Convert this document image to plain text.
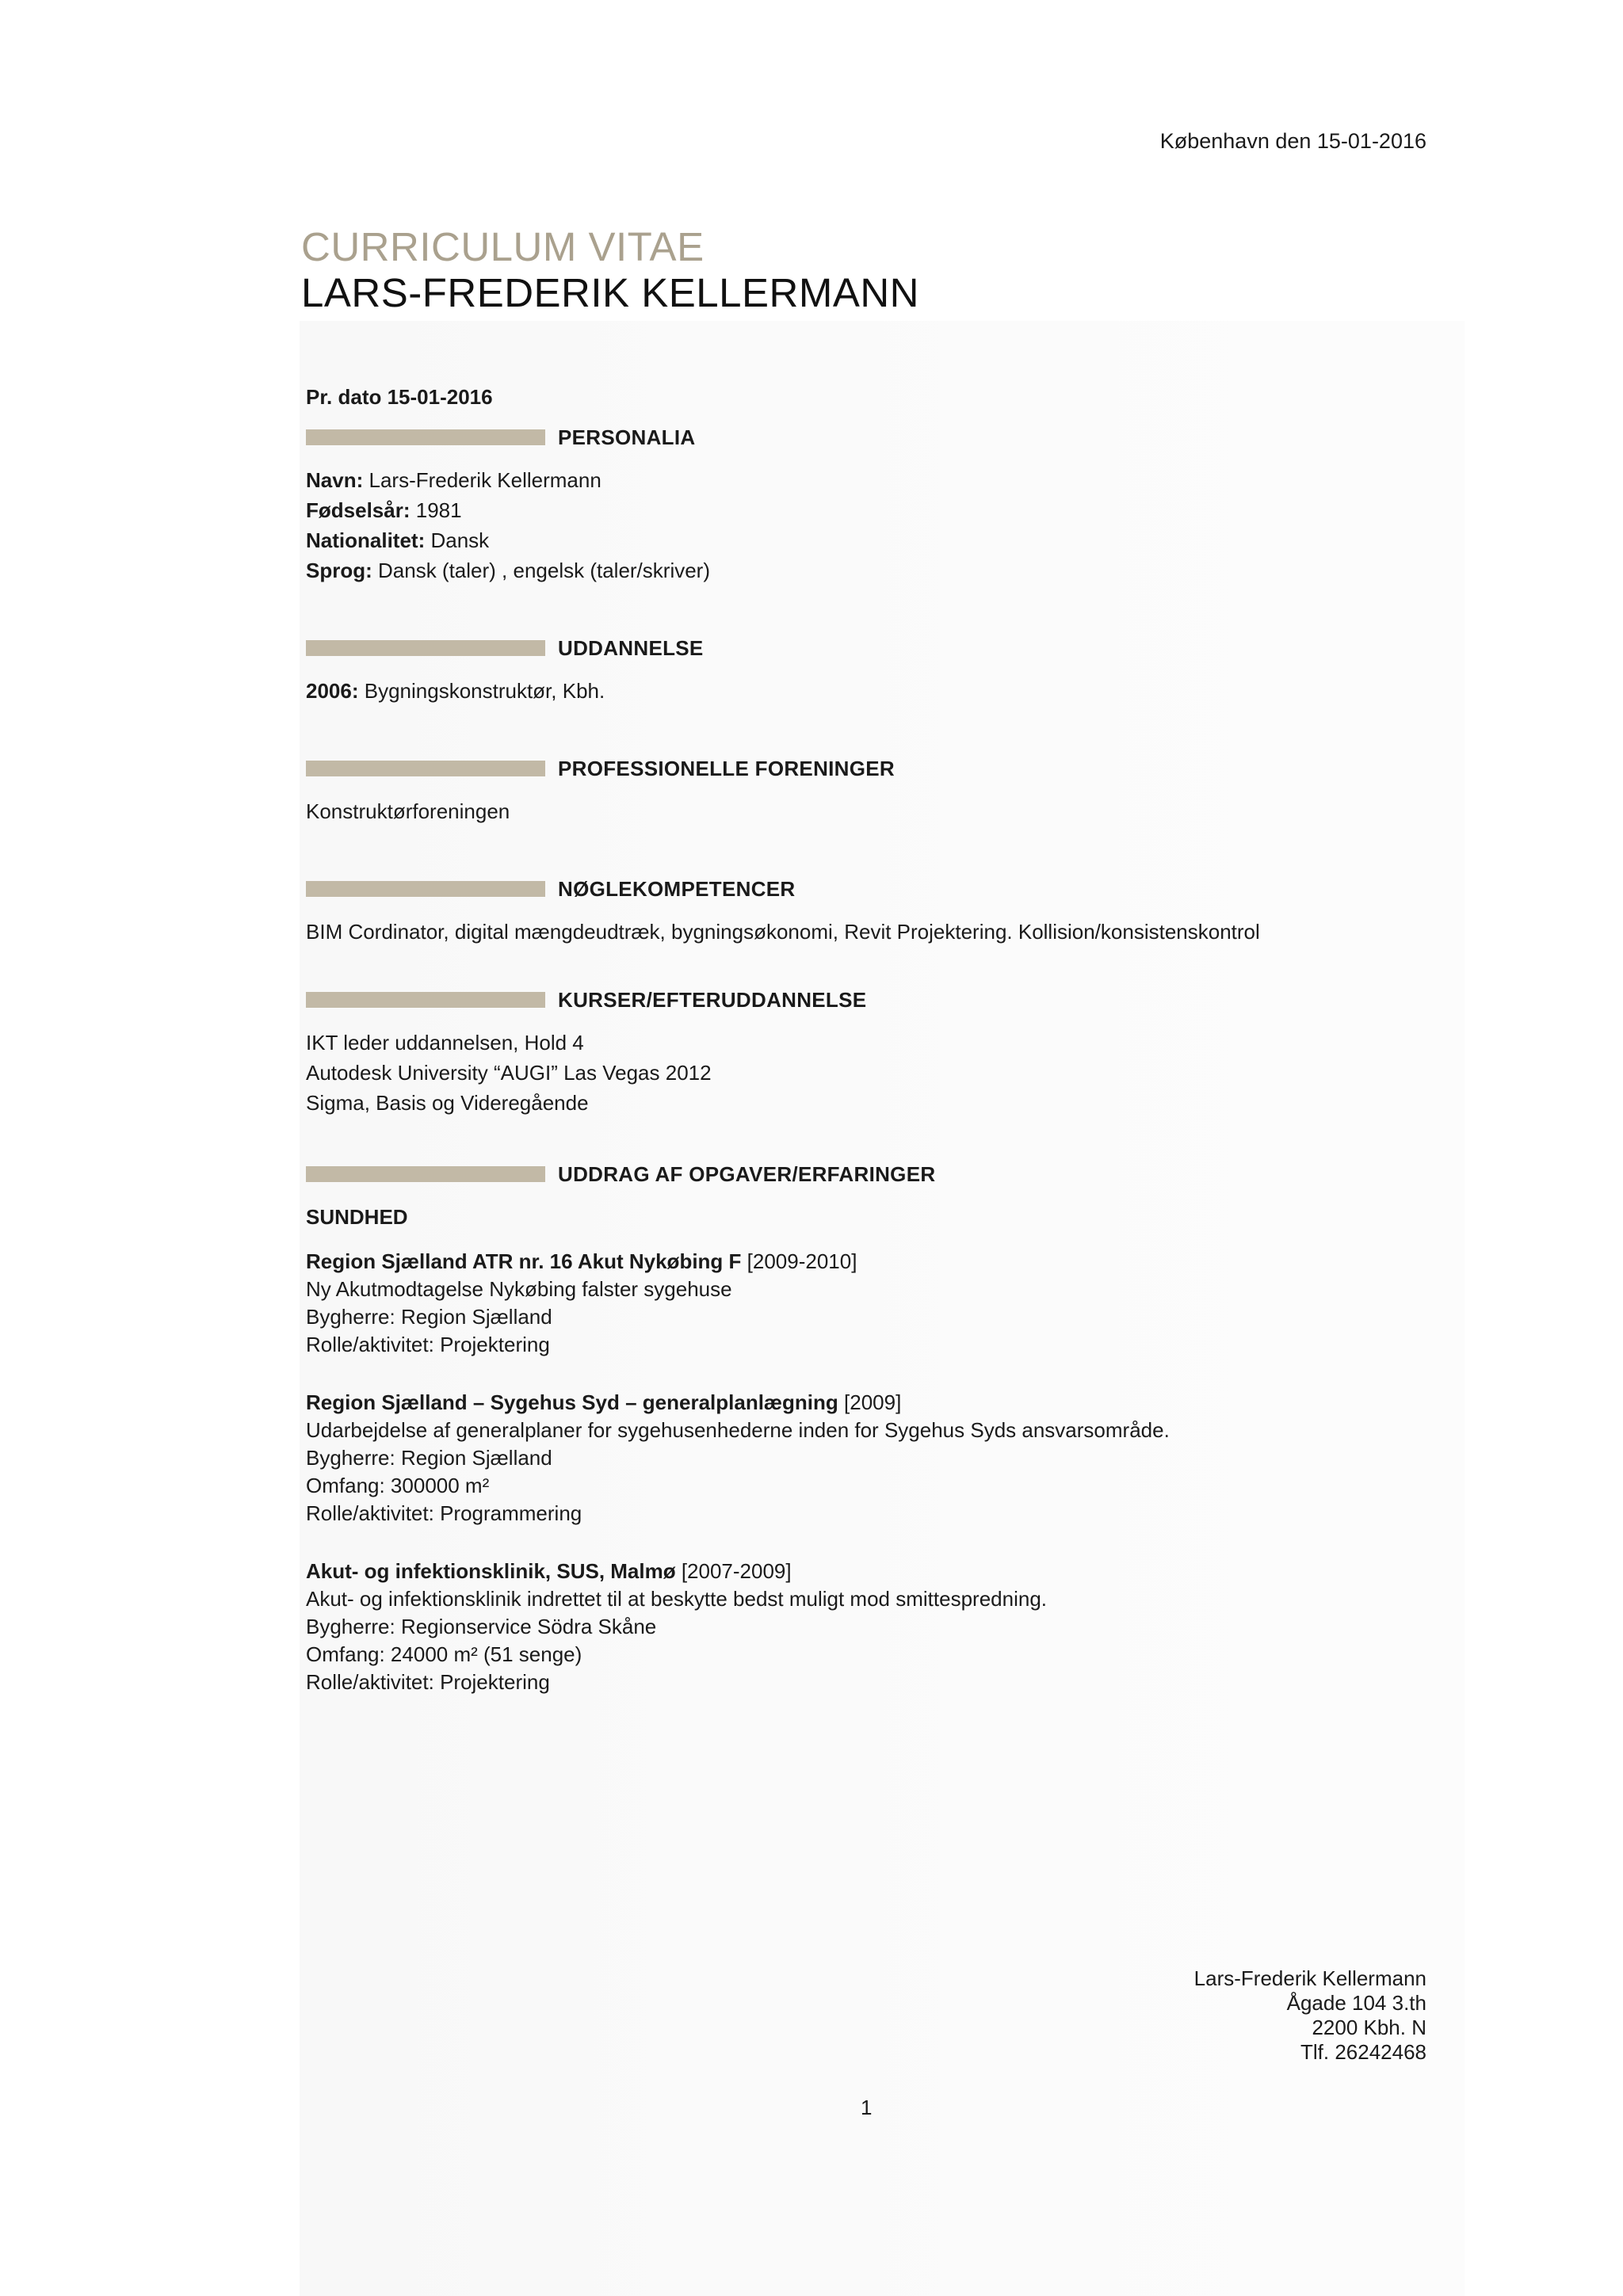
København den 15-01-2016
CURRICULUM VITAE
LARS-FREDERIK KELLERMANN
Pr. dato 15-01-2016
PERSONALIA
Navn: Lars-Frederik Kellermann
Fødselsår: 1981
Nationalitet: Dansk
Sprog: Dansk (taler) , engelsk (taler/skriver)
UDDANNELSE
2006: Bygningskonstruktør, Kbh.
PROFESSIONELLE FORENINGER
Konstruktørforeningen
NØGLEKOMPETENCER
BIM Cordinator, digital mængdeudtræk, bygningsøkonomi, Revit Projektering. Kollision/konsistenskontrol
KURSER/EFTERUDDANNELSE
IKT leder uddannelsen, Hold 4
Autodesk University “AUGI” Las Vegas 2012
Sigma, Basis og Videregående
UDDRAG AF OPGAVER/ERFARINGER
SUNDHED
Region Sjælland ATR nr. 16 Akut Nykøbing F [2009-2010]
Ny Akutmodtagelse Nykøbing falster sygehuse
Bygherre: Region Sjælland
Rolle/aktivitet: Projektering
Region Sjælland – Sygehus Syd – generalplanlægning [2009]
Udarbejdelse af generalplaner for sygehusenhederne inden for Sygehus Syds ansvarsområde.
Bygherre: Region Sjælland
Omfang: 300000 m²
Rolle/aktivitet: Programmering
Akut- og infektionsklinik, SUS, Malmø [2007-2009]
Akut- og infektionsklinik indrettet til at beskytte bedst muligt mod smittespredning.
Bygherre: Regionservice Södra Skåne
Omfang: 24000 m² (51 senge)
Rolle/aktivitet: Projektering
Lars-Frederik Kellermann
Ågade 104 3.th
2200 Kbh. N
Tlf. 26242468
1
